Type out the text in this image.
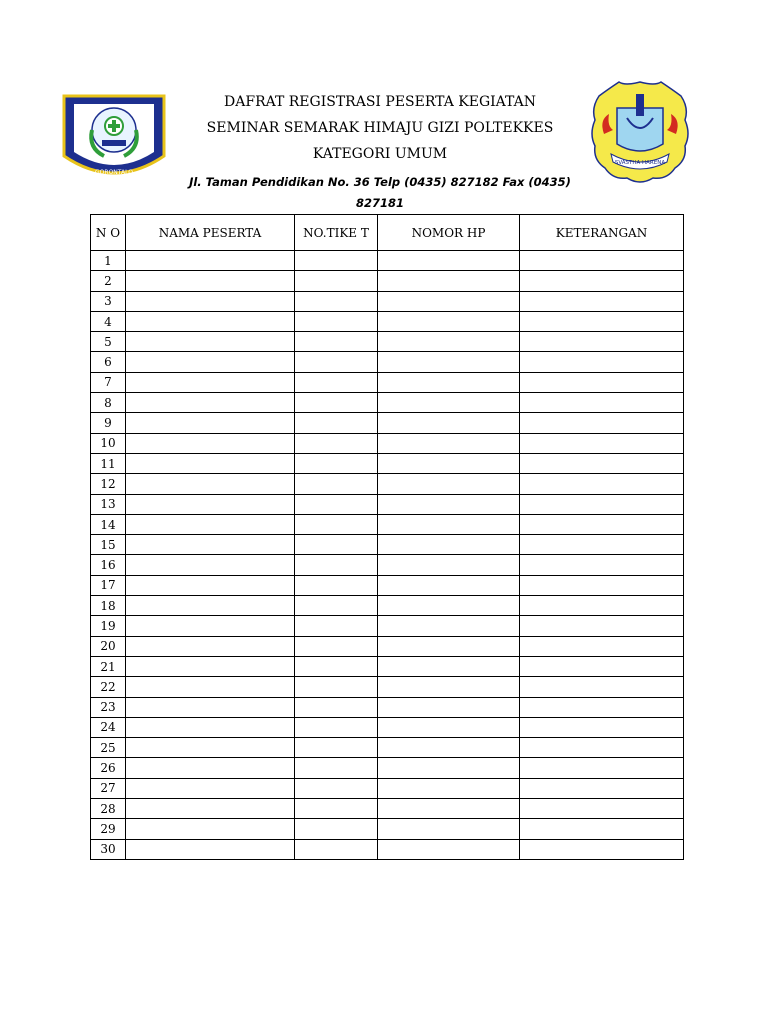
GORONTALO
SVASTHA HARENA
DAFRAT REGISTRASI PESERTA KEGIATAN
SEMINAR SEMARAK HIMAJU GIZI POLTEKKES
KATEGORI UMUM
Jl. Taman Pendidikan No. 36 Telp (0435) 827182 Fax (0435) 827181
N O	NAMA PESERTA	NO.TIKE T	NOMOR HP	KETERANGAN
1				
2				
3				
4				
5				
6				
7				
8				
9				
10				
11				
12				
13				
14				
15				
16				
17				
18				
19				
20				
21				
22				
23				
24				
25				
26				
27				
28				
29				
30				
